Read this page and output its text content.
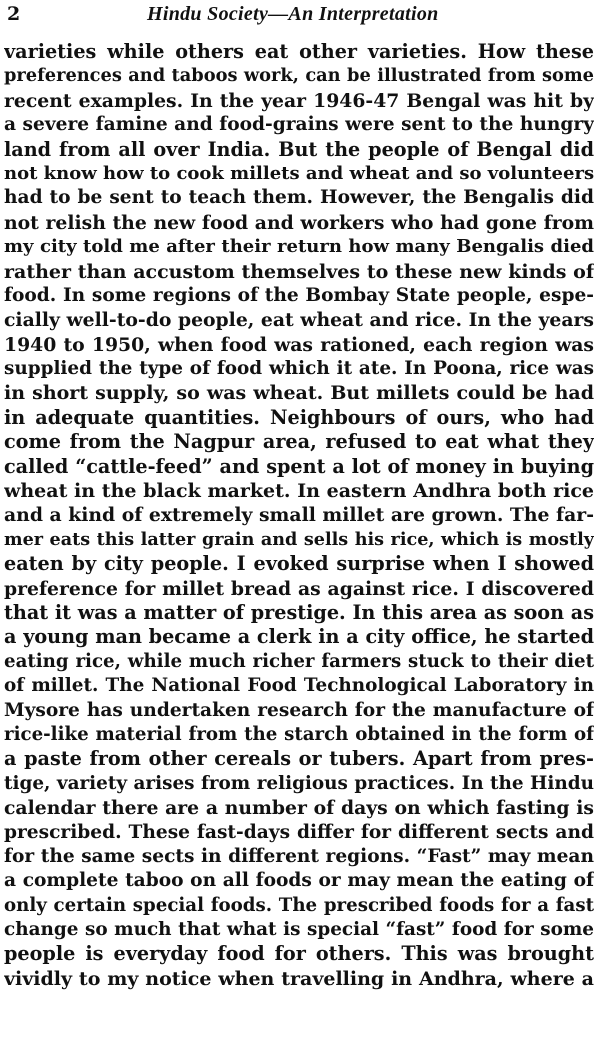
2	Hindu Society—An Interpretation
varieties while others eat other varieties. How these
preferences and taboos work, can be illustrated from some
recent examples. In the year 1946-47 Bengal was hit by
a severe famine and food-grains were sent to the hungry
land from all over India. But the people of Bengal did
not know how to cook millets and wheat and so volunteers
had to be sent to teach them. However, the Bengalis did
not relish the new food and workers who had gone from
my city told me after their return how many Bengalis died
rather than accustom themselves to these new kinds of
food. In some regions of the Bombay State people, espe-
cially well-to-do people, eat wheat and rice. In the years
1940 to 1950, when food was rationed, each region was
supplied the type of food which it ate. In Poona, rice was
in short supply, so was wheat. But millets could be had
in adequate quantities. Neighbours of ours, who had
come from the Nagpur area, refused to eat what they
called “cattle-feed” and spent a lot of money in buying
wheat in the black market. In eastern Andhra both rice
and a kind of extremely small millet are grown. The far-
mer eats this latter grain and sells his rice, which is mostly
eaten by city people. I evoked surprise when I showed
preference for millet bread as against rice. I discovered
that it was a matter of prestige. In this area as soon as
a young man became a clerk in a city office, he started
eating rice, while much richer farmers stuck to their diet
of millet. The National Food Technological Laboratory in
Mysore has undertaken research for the manufacture of
rice-like material from the starch obtained in the form of
a paste from other cereals or tubers. Apart from pres-
tige, variety arises from religious practices. In the Hindu
calendar there are a number of days on which fasting is
prescribed. These fast-days differ for different sects and
for the same sects in different regions. “Fast” may mean
a complete taboo on all foods or may mean the eating of
only certain special foods. The prescribed foods for a fast
change so much that what is special “fast” food for some
people is everyday food for others. This was brought
vividly to my notice when travelling in Andhra, where a
